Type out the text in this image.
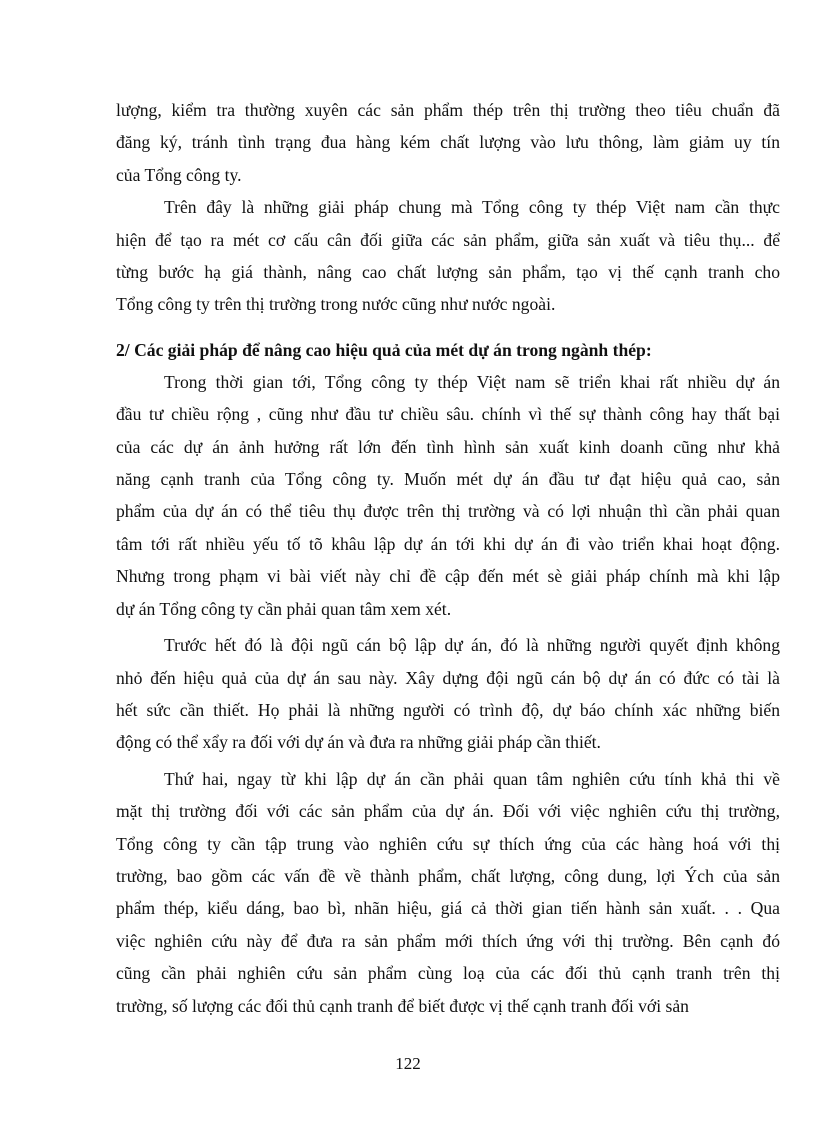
lượng, kiểm tra thường xuyên các sản phẩm thép trên thị trường theo tiêu chuẩn đã
đăng ký, tránh tình trạng đua hàng kém chất lượng vào lưu thông, làm giảm uy tín
của Tổng công ty.
Trên đây là những giải pháp chung mà Tổng công ty thép Việt nam cần thực
hiện để tạo ra mét cơ cấu cân đối giữa các sản phẩm, giữa sản xuất và tiêu thụ... để
từng bước hạ giá thành, nâng cao chất lượng sản phẩm, tạo vị thế cạnh tranh cho
Tổng công ty trên thị trường trong nước cũng như nước ngoài.
2/ Các giải pháp để nâng cao hiệu quả của mét dự án trong ngành thép:
Trong thời gian tới, Tổng công ty thép Việt nam sẽ triển khai rất nhiều dự án
đầu tư chiều rộng , cũng như đầu tư chiều sâu. chính vì thế sự thành công hay thất bại
của các dự án ảnh hưởng rất lớn đến tình hình sản xuất kinh doanh cũng như khả
năng cạnh tranh của Tổng công ty. Muốn mét dự án đầu tư đạt hiệu quả cao, sản
phẩm của dự án có thể tiêu thụ được trên thị trường và có lợi nhuận thì cần phải quan
tâm tới rất nhiều yếu tố tõ khâu lập dự án tới khi dự án đi vào triển khai hoạt động.
Nhưng trong phạm vi bài viết này chỉ đề cập đến mét sè giải pháp chính mà khi lập
dự án Tổng công ty cần phải quan tâm xem xét.
Trước hết đó là đội ngũ cán bộ lập dự án, đó là những người quyết định không
nhỏ đến hiệu quả của dự án sau này. Xây dựng đội ngũ cán bộ dự án có đức có tài là
hết sức cần thiết. Họ phải là những người có trình độ, dự báo chính xác những biến
động có thể xẩy ra đối với dự án và đưa ra những giải pháp cần thiết.
Thứ hai, ngay từ khi lập dự án cần phải quan tâm nghiên cứu tính khả thi về
mặt thị trường đối với các sản phẩm của dự án. Đối với việc nghiên cứu thị trường,
Tổng công ty cần tập trung vào nghiên cứu sự thích ứng của các hàng hoá với thị
trường, bao gồm các vấn đề về thành phẩm, chất lượng, công dung, lợi Ých của sản
phẩm thép, kiểu dáng, bao bì, nhãn hiệu, giá cả thời gian tiến hành sản xuất. . . Qua
việc nghiên cứu này để đưa ra sản phẩm mới thích ứng với thị trường. Bên cạnh đó
cũng cần phải nghiên cứu sản phẩm cùng loạ của các đối thủ cạnh tranh trên thị
trường, số lượng các đối thủ cạnh tranh để biết được vị thế cạnh tranh đối với sản
122
